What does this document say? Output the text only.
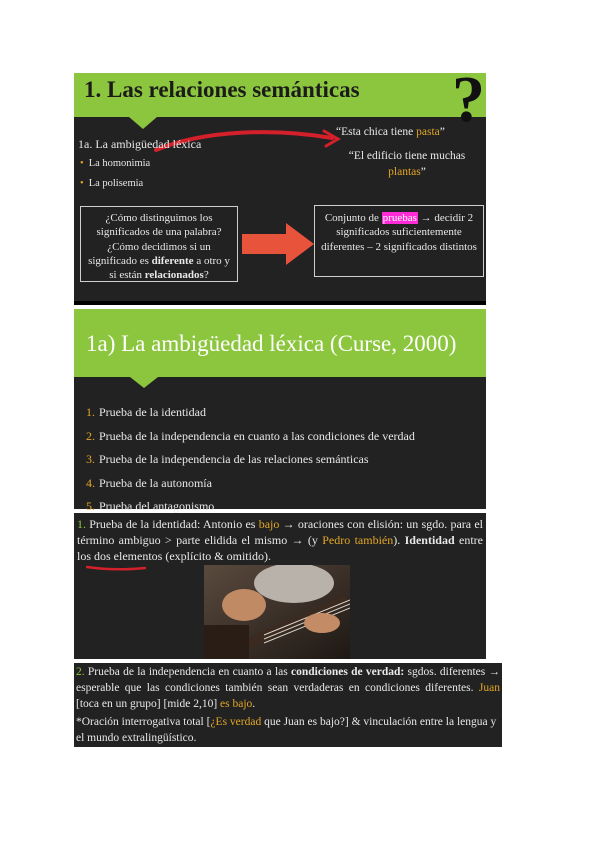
1. Las relaciones semánticas ?
1a. La ambigüedad léxica
• La homonimia
• La polisemia
“Esta chica tiene pasta”
“El edificio tiene muchas plantas”
¿Cómo distinguimos los significados de una palabra? ¿Cómo decidimos si un significado es diferente a otro y si están relacionados?
Conjunto de pruebas → decidir 2 significados suficientemente diferentes – 2 significados distintos
1a) La ambigüedad léxica (Curse, 2000)
1. Prueba de la identidad
2. Prueba de la independencia en cuanto a las condiciones de verdad
3. Prueba de la independencia de las relaciones semánticas
4. Prueba de la autonomía
5. Prueba del antagonismo
1. Prueba de la identidad: Antonio es bajo → oraciones con elisión: un sgdo. para el término ambiguo > parte elidida el mismo → (y Pedro también). Identidad entre los dos elementos (explícito & omitido).
2. Prueba de la independencia en cuanto a las condiciones de verdad: sgdos. diferentes → esperable que las condiciones también sean verdaderas en condiciones diferentes. Juan [toca en un grupo] [mide 2,10] es bajo.
*Oración interrogativa total [¿Es verdad que Juan es bajo?] & vinculación entre la lengua y el mundo extralingüístico.
